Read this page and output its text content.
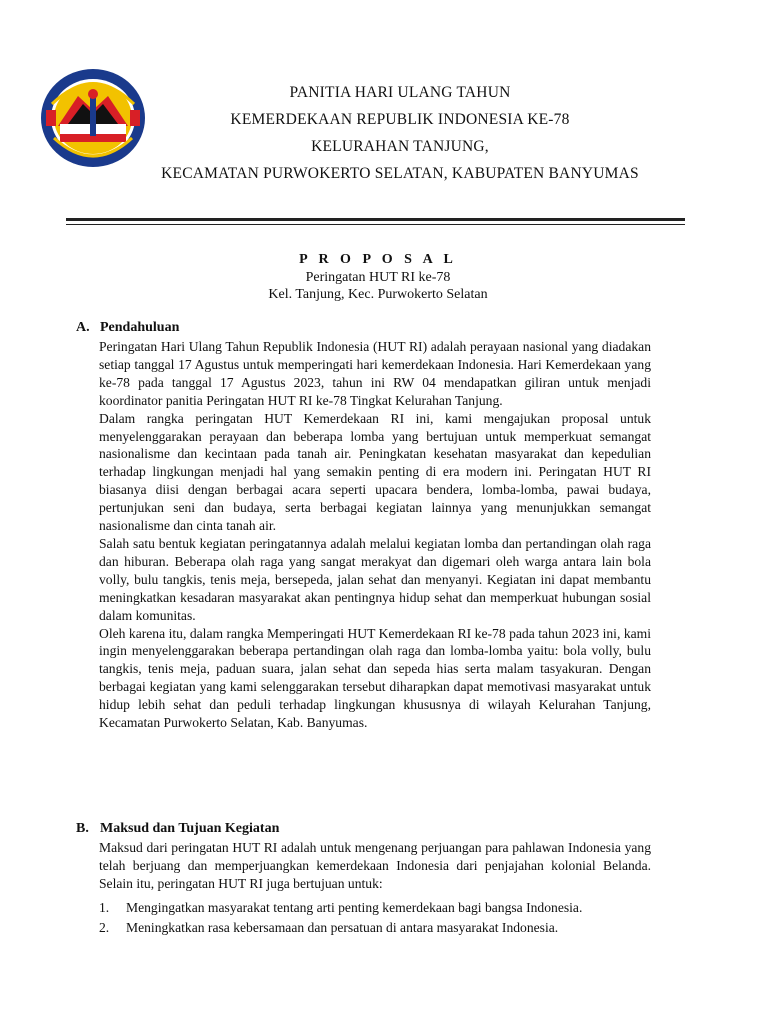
PANITIA HARI ULANG TAHUN
KEMERDEKAAN REPUBLIK INDONESIA KE-78
KELURAHAN TANJUNG,
KECAMATAN PURWOKERTO SELATAN, KABUPATEN BANYUMAS
P R O P O S A L
Peringatan HUT RI ke-78
Kel. Tanjung, Kec. Purwokerto Selatan
A. Pendahuluan

Peringatan Hari Ulang Tahun Republik Indonesia (HUT RI) adalah perayaan nasional yang diadakan setiap tanggal 17 Agustus untuk memperingati hari kemerdekaan Indonesia. Hari Kemerdekaan yang ke-78 pada tanggal 17 Agustus 2023, tahun ini RW 04 mendapatkan giliran untuk menjadi koordinator panitia Peringatan HUT RI ke-78 Tingkat Kelurahan Tanjung.

Dalam rangka peringatan HUT Kemerdekaan RI ini, kami mengajukan proposal untuk menyelenggarakan perayaan dan beberapa lomba yang bertujuan untuk memperkuat semangat nasionalisme dan kecintaan pada tanah air. Peningkatan kesehatan masyarakat dan kepedulian terhadap lingkungan menjadi hal yang semakin penting di era modern ini. Peringatan HUT RI biasanya diisi dengan berbagai acara seperti upacara bendera, lomba-lomba, pawai budaya, pertunjukan seni dan budaya, serta berbagai kegiatan lainnya yang menunjukkan semangat nasionalisme dan cinta tanah air.

Salah satu bentuk kegiatan peringatannya adalah melalui kegiatan lomba dan pertandingan olah raga dan hiburan. Beberapa olah raga yang sangat merakyat dan digemari oleh warga antara lain bola volly, bulu tangkis, tenis meja, bersepeda, jalan sehat dan menyanyi. Kegiatan ini dapat membantu meningkatkan kesadaran masyarakat akan pentingnya hidup sehat dan memperkuat hubungan sosial dalam komunitas.

Oleh karena itu, dalam rangka Memperingati HUT Kemerdekaan RI ke-78 pada tahun 2023 ini, kami ingin menyelenggarakan beberapa pertandingan olah raga dan lomba-lomba yaitu: bola volly, bulu tangkis, tenis meja, paduan suara, jalan sehat dan sepeda hias serta malam tasyakuran. Dengan berbagai kegiatan yang kami selenggarakan tersebut diharapkan dapat memotivasi masyarakat untuk hidup lebih sehat dan peduli terhadap lingkungan khususnya di wilayah Kelurahan Tanjung, Kecamatan Purwokerto Selatan, Kab. Banyumas.

B. Maksud dan Tujuan Kegiatan

Maksud dari peringatan HUT RI adalah untuk mengenang perjuangan para pahlawan Indonesia yang telah berjuang dan memperjuangkan kemerdekaan Indonesia dari penjajahan kolonial Belanda. Selain itu, peringatan HUT RI juga bertujuan untuk:

1.	Mengingatkan masyarakat tentang arti penting kemerdekaan bagi bangsa Indonesia.
2.	Meningkatkan rasa kebersamaan dan persatuan di antara masyarakat Indonesia.
